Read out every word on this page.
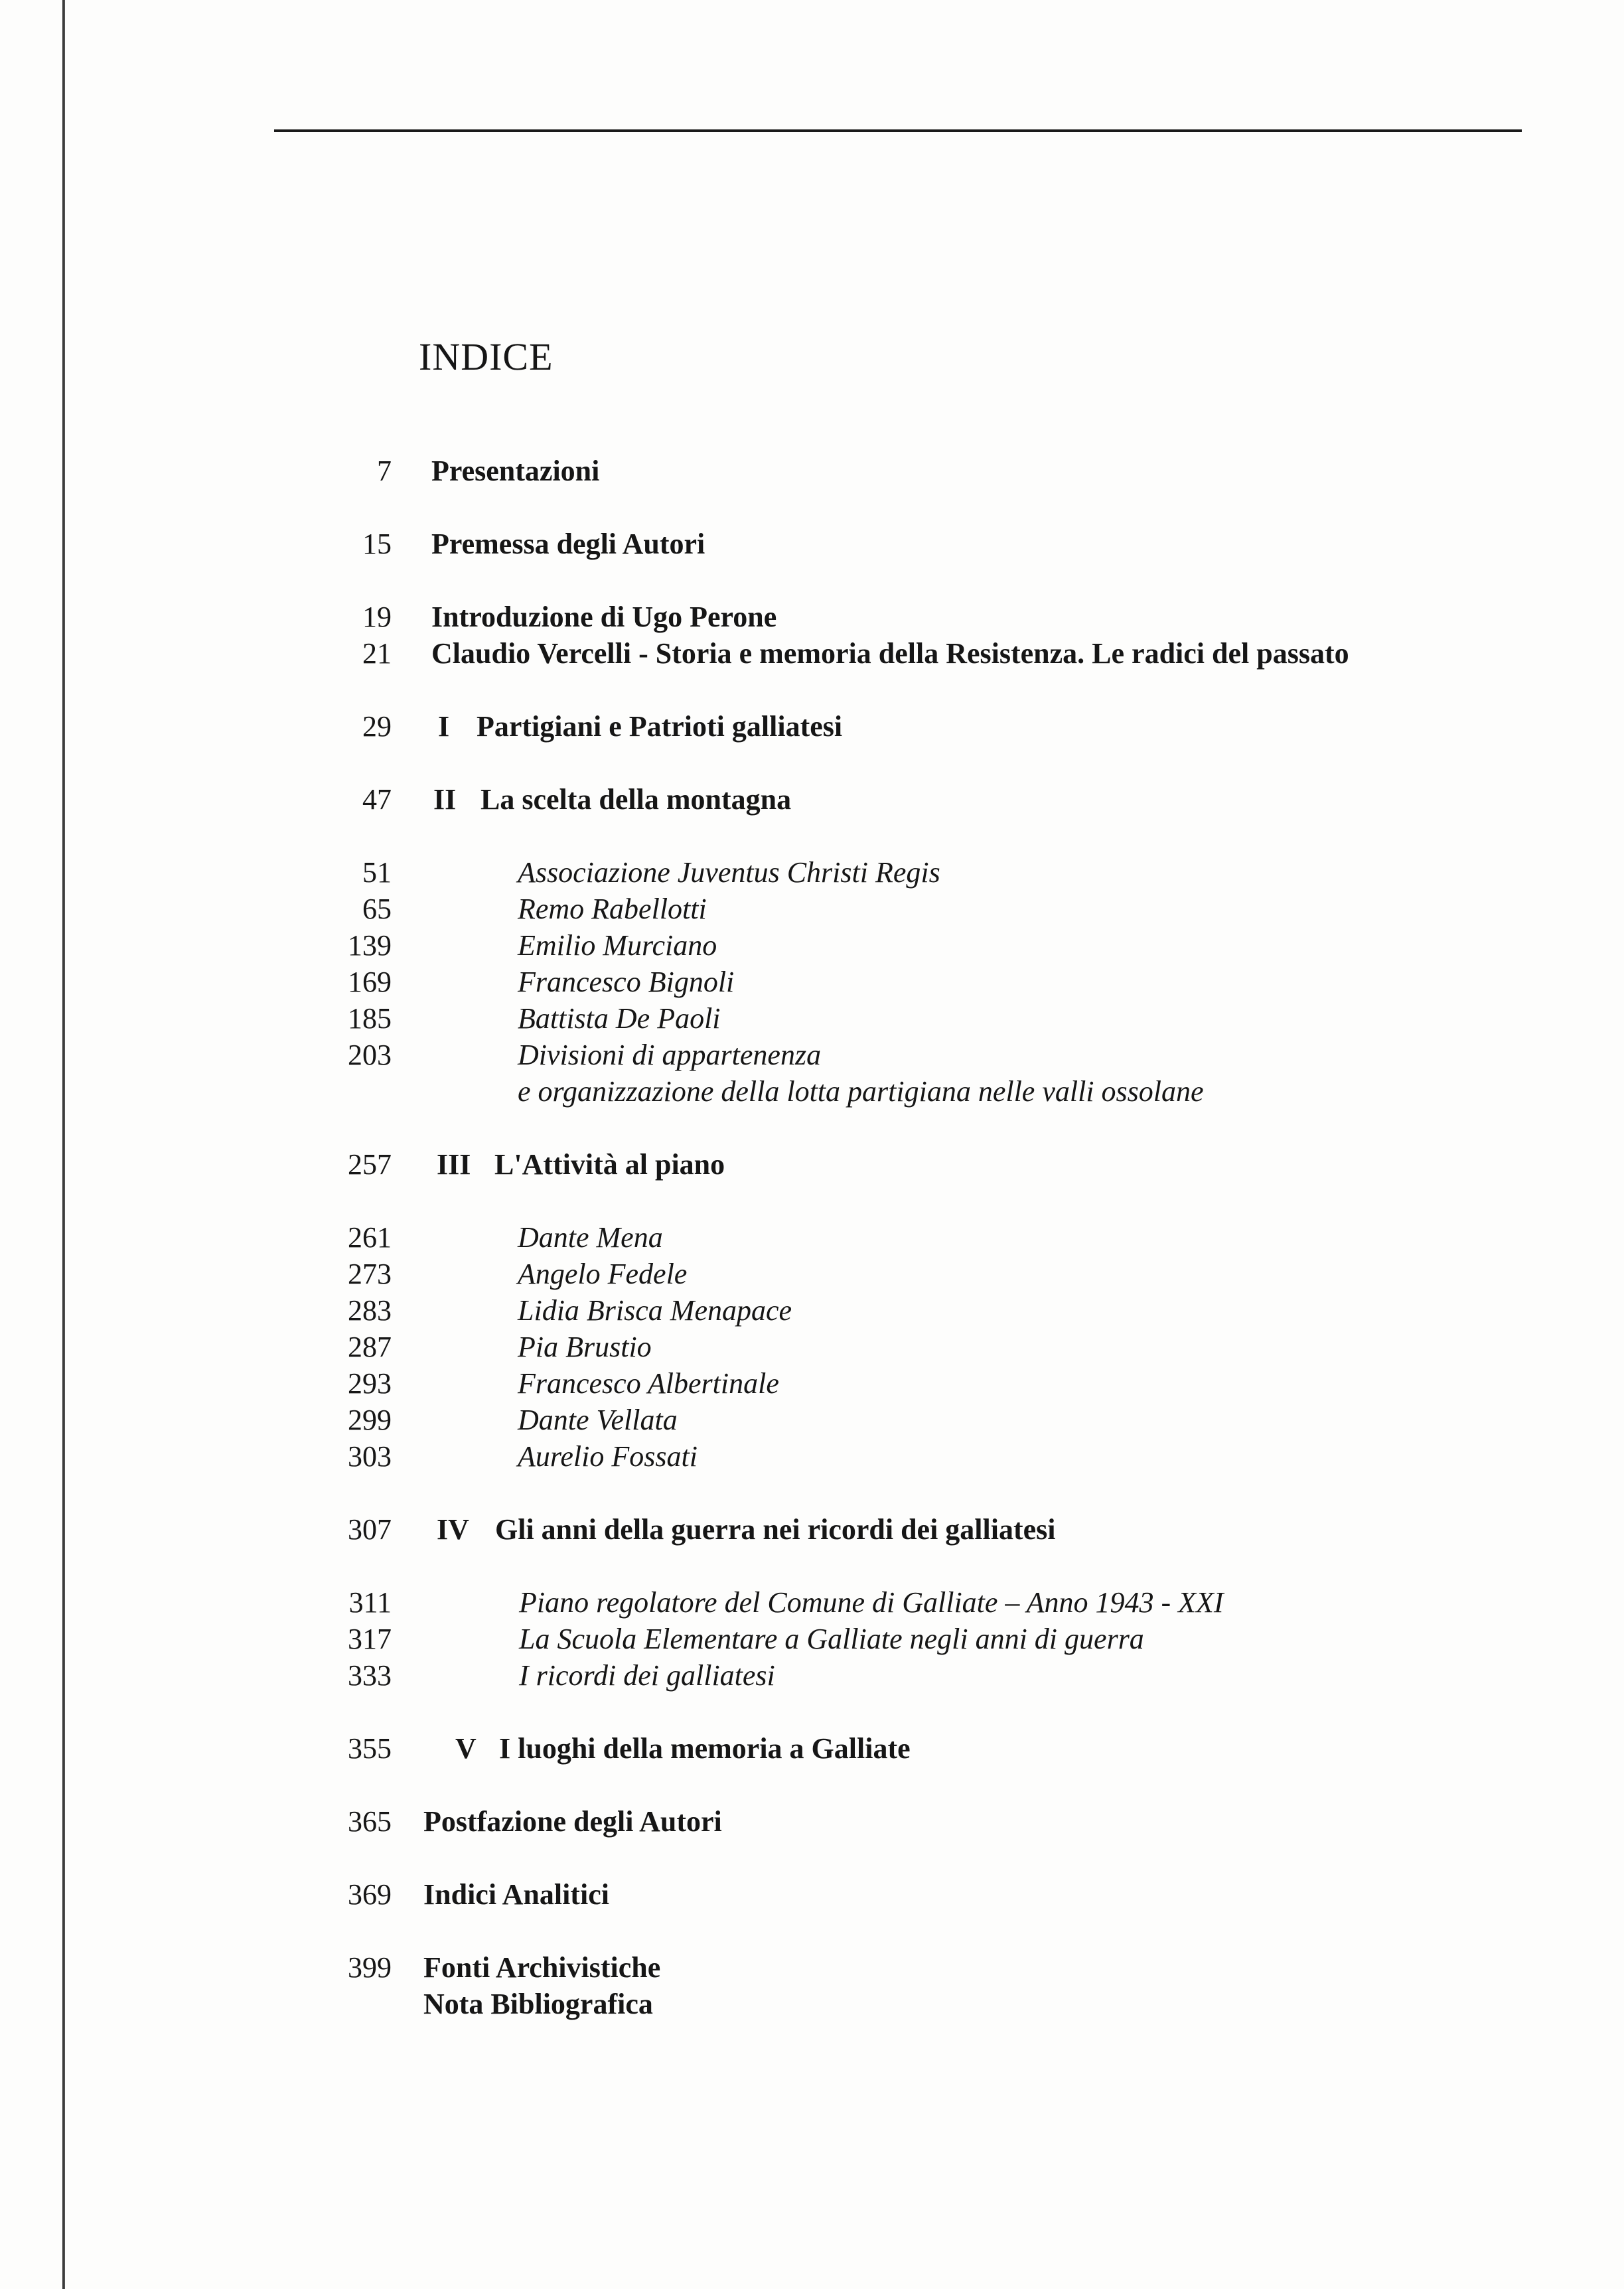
INDICE
7 Presentazioni
15 Premessa degli Autori
19 Introduzione di Ugo Perone
21 Claudio Vercelli - Storia e memoria della Resistenza. Le radici del passato
29 I Partigiani e Patrioti galliatesi
47 II La scelta della montagna
51	Associazione Juventus Christi Regis
65	Remo Rabellotti
139	Emilio Murciano
169	Francesco Bignoli
185	Battista De Paoli
203	Divisioni di appartenenza
e organizzazione della lotta partigiana nelle valli ossolane
257 III L'Attività al piano
261	Dante Mena
273	Angelo Fedele
283	Lidia Brisca Menapace
287	Pia Brustio
293	Francesco Albertinale
299	Dante Vellata
303	Aurelio Fossati
307 IV Gli anni della guerra nei ricordi dei galliatesi
311	Piano regolatore del Comune di Galliate – Anno 1943 - XXI
317	La Scuola Elementare a Galliate negli anni di guerra
333	I ricordi dei galliatesi
355 V I luoghi della memoria a Galliate
365 Postfazione degli Autori
369 Indici Analitici
399 Fonti Archivistiche
Nota Bibliografica
